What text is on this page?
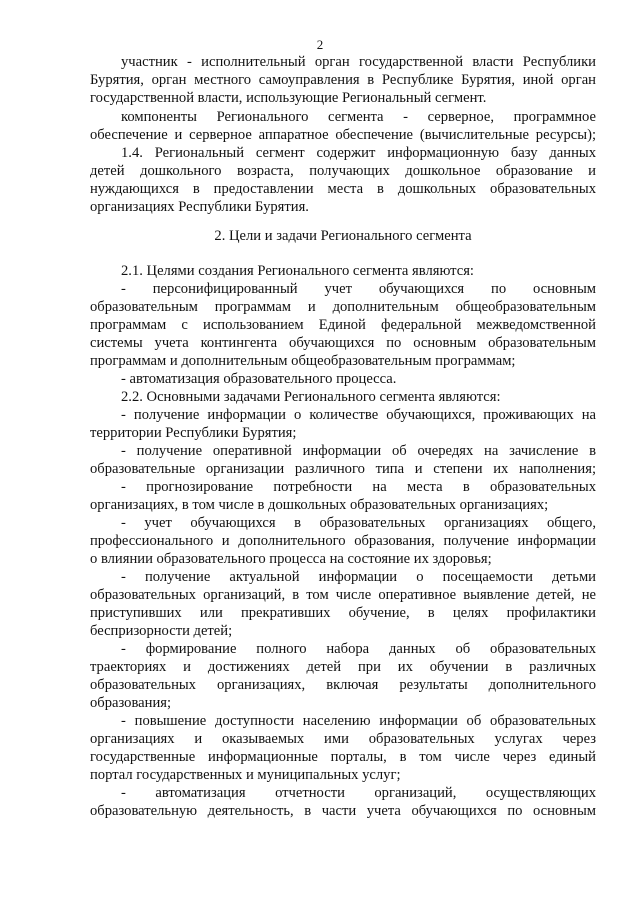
2
участник - исполнительный орган государственной власти Республики
Бурятия, орган местного самоуправления в Республике Бурятия, иной орган
государственной власти, использующие Региональный сегмент.
компоненты Регионального сегмента - серверное, программное
обеспечение и серверное аппаратное обеспечение (вычислительные ресурсы);
1.4. Региональный сегмент содержит информационную базу данных
детей дошкольного возраста, получающих дошкольное образование и
нуждающихся в предоставлении места в дошкольных образовательных
организациях Республики Бурятия.
2. Цели и задачи Регионального сегмента
2.1. Целями создания Регионального сегмента являются:
- персонифицированный учет обучающихся по основным
образовательным программам и дополнительным общеобразовательным
программам с использованием Единой федеральной межведомственной
системы учета контингента обучающихся по основным образовательным
программам и дополнительным общеобразовательным программам;
- автоматизация образовательного процесса.
2.2. Основными задачами Регионального сегмента являются:
- получение информации о количестве обучающихся, проживающих на
территории Республики Бурятия;
- получение оперативной информации об очередях на зачисление в
образовательные организации различного типа и степени их наполнения;
- прогнозирование потребности на места в образовательных
организациях, в том числе в дошкольных образовательных организациях;
- учет обучающихся в образовательных организациях общего,
профессионального и дополнительного образования, получение информации
о влиянии образовательного процесса на состояние их здоровья;
- получение актуальной информации о посещаемости детьми
образовательных организаций, в том числе оперативное выявление детей, не
приступивших или прекративших обучение, в целях профилактики
беспризорности детей;
- формирование полного набора данных об образовательных
траекториях и достижениях детей при их обучении в различных
образовательных организациях, включая результаты дополнительного
образования;
- повышение доступности населению информации об образовательных
организациях и оказываемых ими образовательных услугах через
государственные информационные порталы, в том числе через единый
портал государственных и муниципальных услуг;
- автоматизация отчетности организаций, осуществляющих
образовательную деятельность, в части учета обучающихся по основным
